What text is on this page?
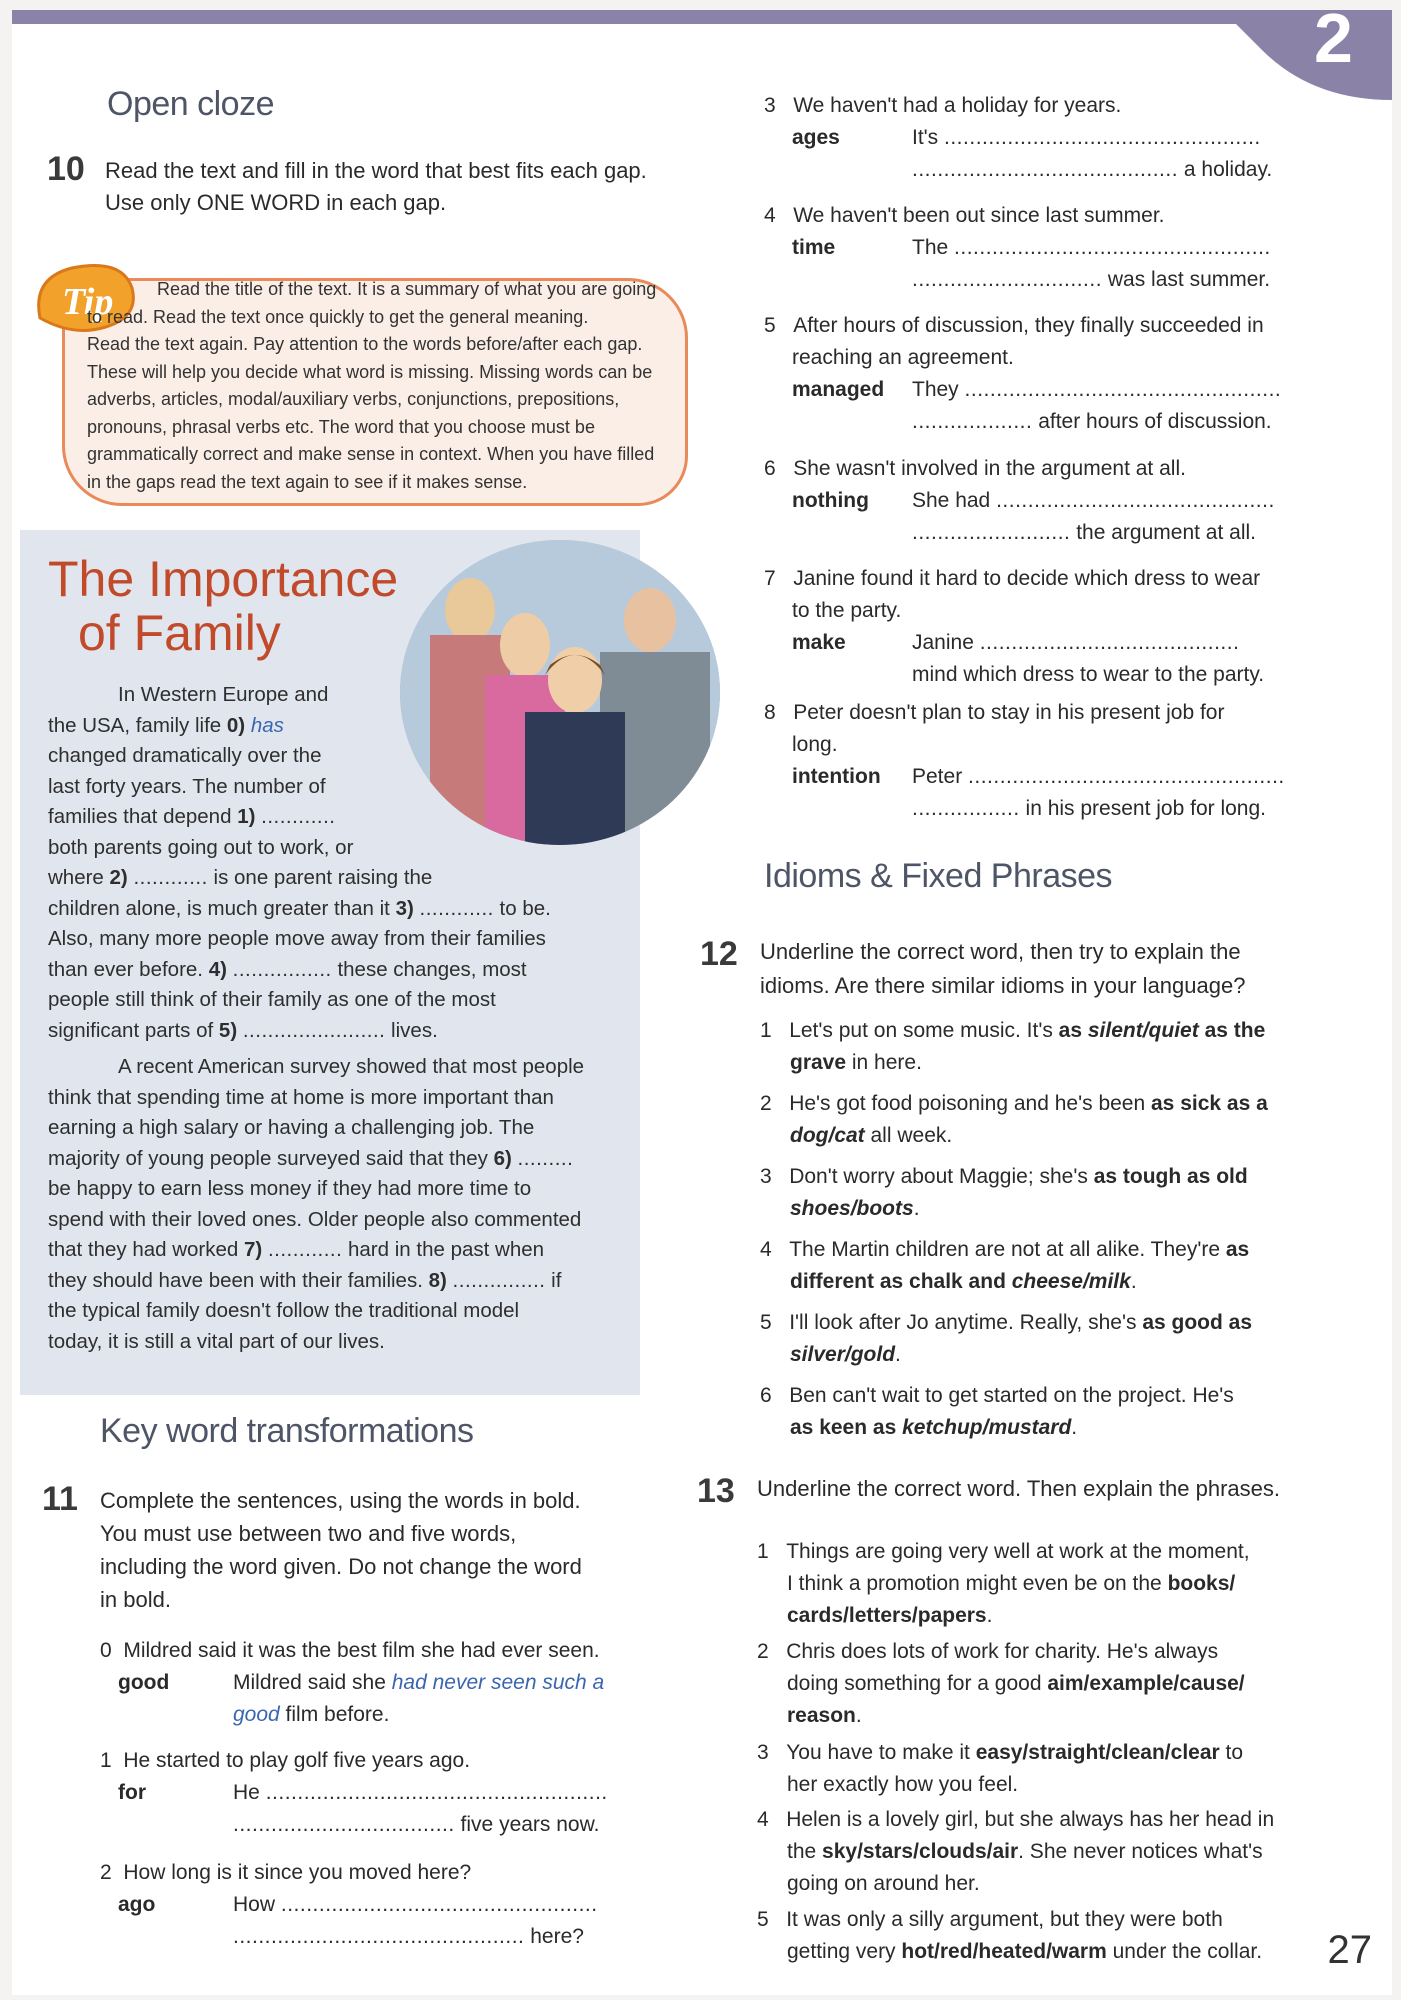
2
Open cloze
10 Read the text and fill in the word that best fits each gap.
Use only ONE WORD in each gap.
Tip	Read the title of the text. It is a summary of what you are going
to read. Read the text once quickly to get the general meaning.
Read the text again. Pay attention to the words before/after each gap.
These will help you decide what word is missing. Missing words can be
adverbs, articles, modal/auxiliary verbs, conjunctions, prepositions,
pronouns, phrasal verbs etc. The word that you choose must be
grammatically correct and make sense in context. When you have filled
in the gaps read the text again to see if it makes sense.
The Importance
of Family
In Western Europe and
the USA, family life 0) has
changed dramatically over the
last forty years. The number of
families that depend 1) ............
both parents going out to work, or
where 2) ............ is one parent raising the
children alone, is much greater than it 3) ............ to be.
Also, many more people move away from their families
than ever before. 4) ................ these changes, most
people still think of their family as one of the most
significant parts of 5) ....................... lives.
A recent American survey showed that most people
think that spending time at home is more important than
earning a high salary or having a challenging job. The
majority of young people surveyed said that they 6) .........
be happy to earn less money if they had more time to
spend with their loved ones. Older people also commented
that they had worked 7) ............ hard in the past when
they should have been with their families. 8) ............... if
the typical family doesn't follow the traditional model
today, it is still a vital part of our lives.
Key word transformations
11 Complete the sentences, using the words in bold.
You must use between two and five words,
including the word given. Do not change the word
in bold.
0 Mildred said it was the best film she had ever seen.
good	Mildred said she had never seen such a
good film before.
1 He started to play golf five years ago.
for	He ......................................................
................................... five years now.
2 How long is it since you moved here?
ago	How ..................................................
.............................................. here?
3 We haven't had a holiday for years.
ages	It's ..................................................
.......................................... a holiday.
4 We haven't been out since last summer.
time	The ..................................................
.............................. was last summer.
5 After hours of discussion, they finally succeeded in
reaching an agreement.
managed They ..................................................
................... after hours of discussion.
6 She wasn't involved in the argument at all.
nothing She had ............................................
......................... the argument at all.
7 Janine found it hard to decide which dress to wear
to the party.
make	Janine .........................................
mind which dress to wear to the party.
8 Peter doesn't plan to stay in his present job for
long.
intention Peter ..................................................
................. in his present job for long.
Idioms & Fixed Phrases
12 Underline the correct word, then try to explain the
idioms. Are there similar idioms in your language?
1 Let's put on some music. It's as silent/quiet as the
grave in here.
2 He's got food poisoning and he's been as sick as a
dog/cat all week.
3 Don't worry about Maggie; she's as tough as old
shoes/boots.
4 The Martin children are not at all alike. They're as
different as chalk and cheese/milk.
5 I'll look after Jo anytime. Really, she's as good as
silver/gold.
6 Ben can't wait to get started on the project. He's
as keen as ketchup/mustard.
13 Underline the correct word. Then explain the phrases.
1 Things are going very well at work at the moment,
I think a promotion might even be on the books/
cards/letters/papers.
2 Chris does lots of work for charity. He's always
doing something for a good aim/example/cause/
reason.
3 You have to make it easy/straight/clean/clear to
her exactly how you feel.
4 Helen is a lovely girl, but she always has her head in
the sky/stars/clouds/air. She never notices what's
going on around her.
5 It was only a silly argument, but they were both
getting very hot/red/heated/warm under the collar.	27
